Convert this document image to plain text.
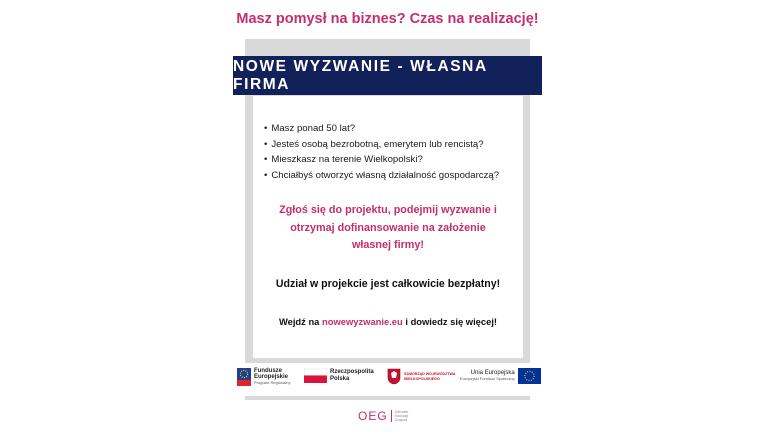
Masz pomysł na biznes? Czas na realizację!
NOWE WYZWANIE - WŁASNA FIRMA
• Masz ponad 50 lat?
• Jesteś osobą bezrobotną, emerytem lub rencistą?
• Mieszkasz na terenie Wielkopolski?
• Chciałbyś otworzyć własną działalność gospodarczą?
Zgłoś się do projektu, podejmij wyzwanie i
otrzymaj dofinansowanie na założenie
własnej firmy!
Udział w projekcie jest całkowicie bezpłatny!
Wejdź na nowewyzwanie.eu i dowiedz się więcej!
Fundusze
Europejskie
Program Regionalny
Rzeczpospolita
Polska
SAMORZĄD WOJEWÓDZTWA
WIELKOPOLSKIEGO
Unia Europejska
Europejski Fundusz Społeczny
OEG Ośrodek
Edukacji
Gospod.
